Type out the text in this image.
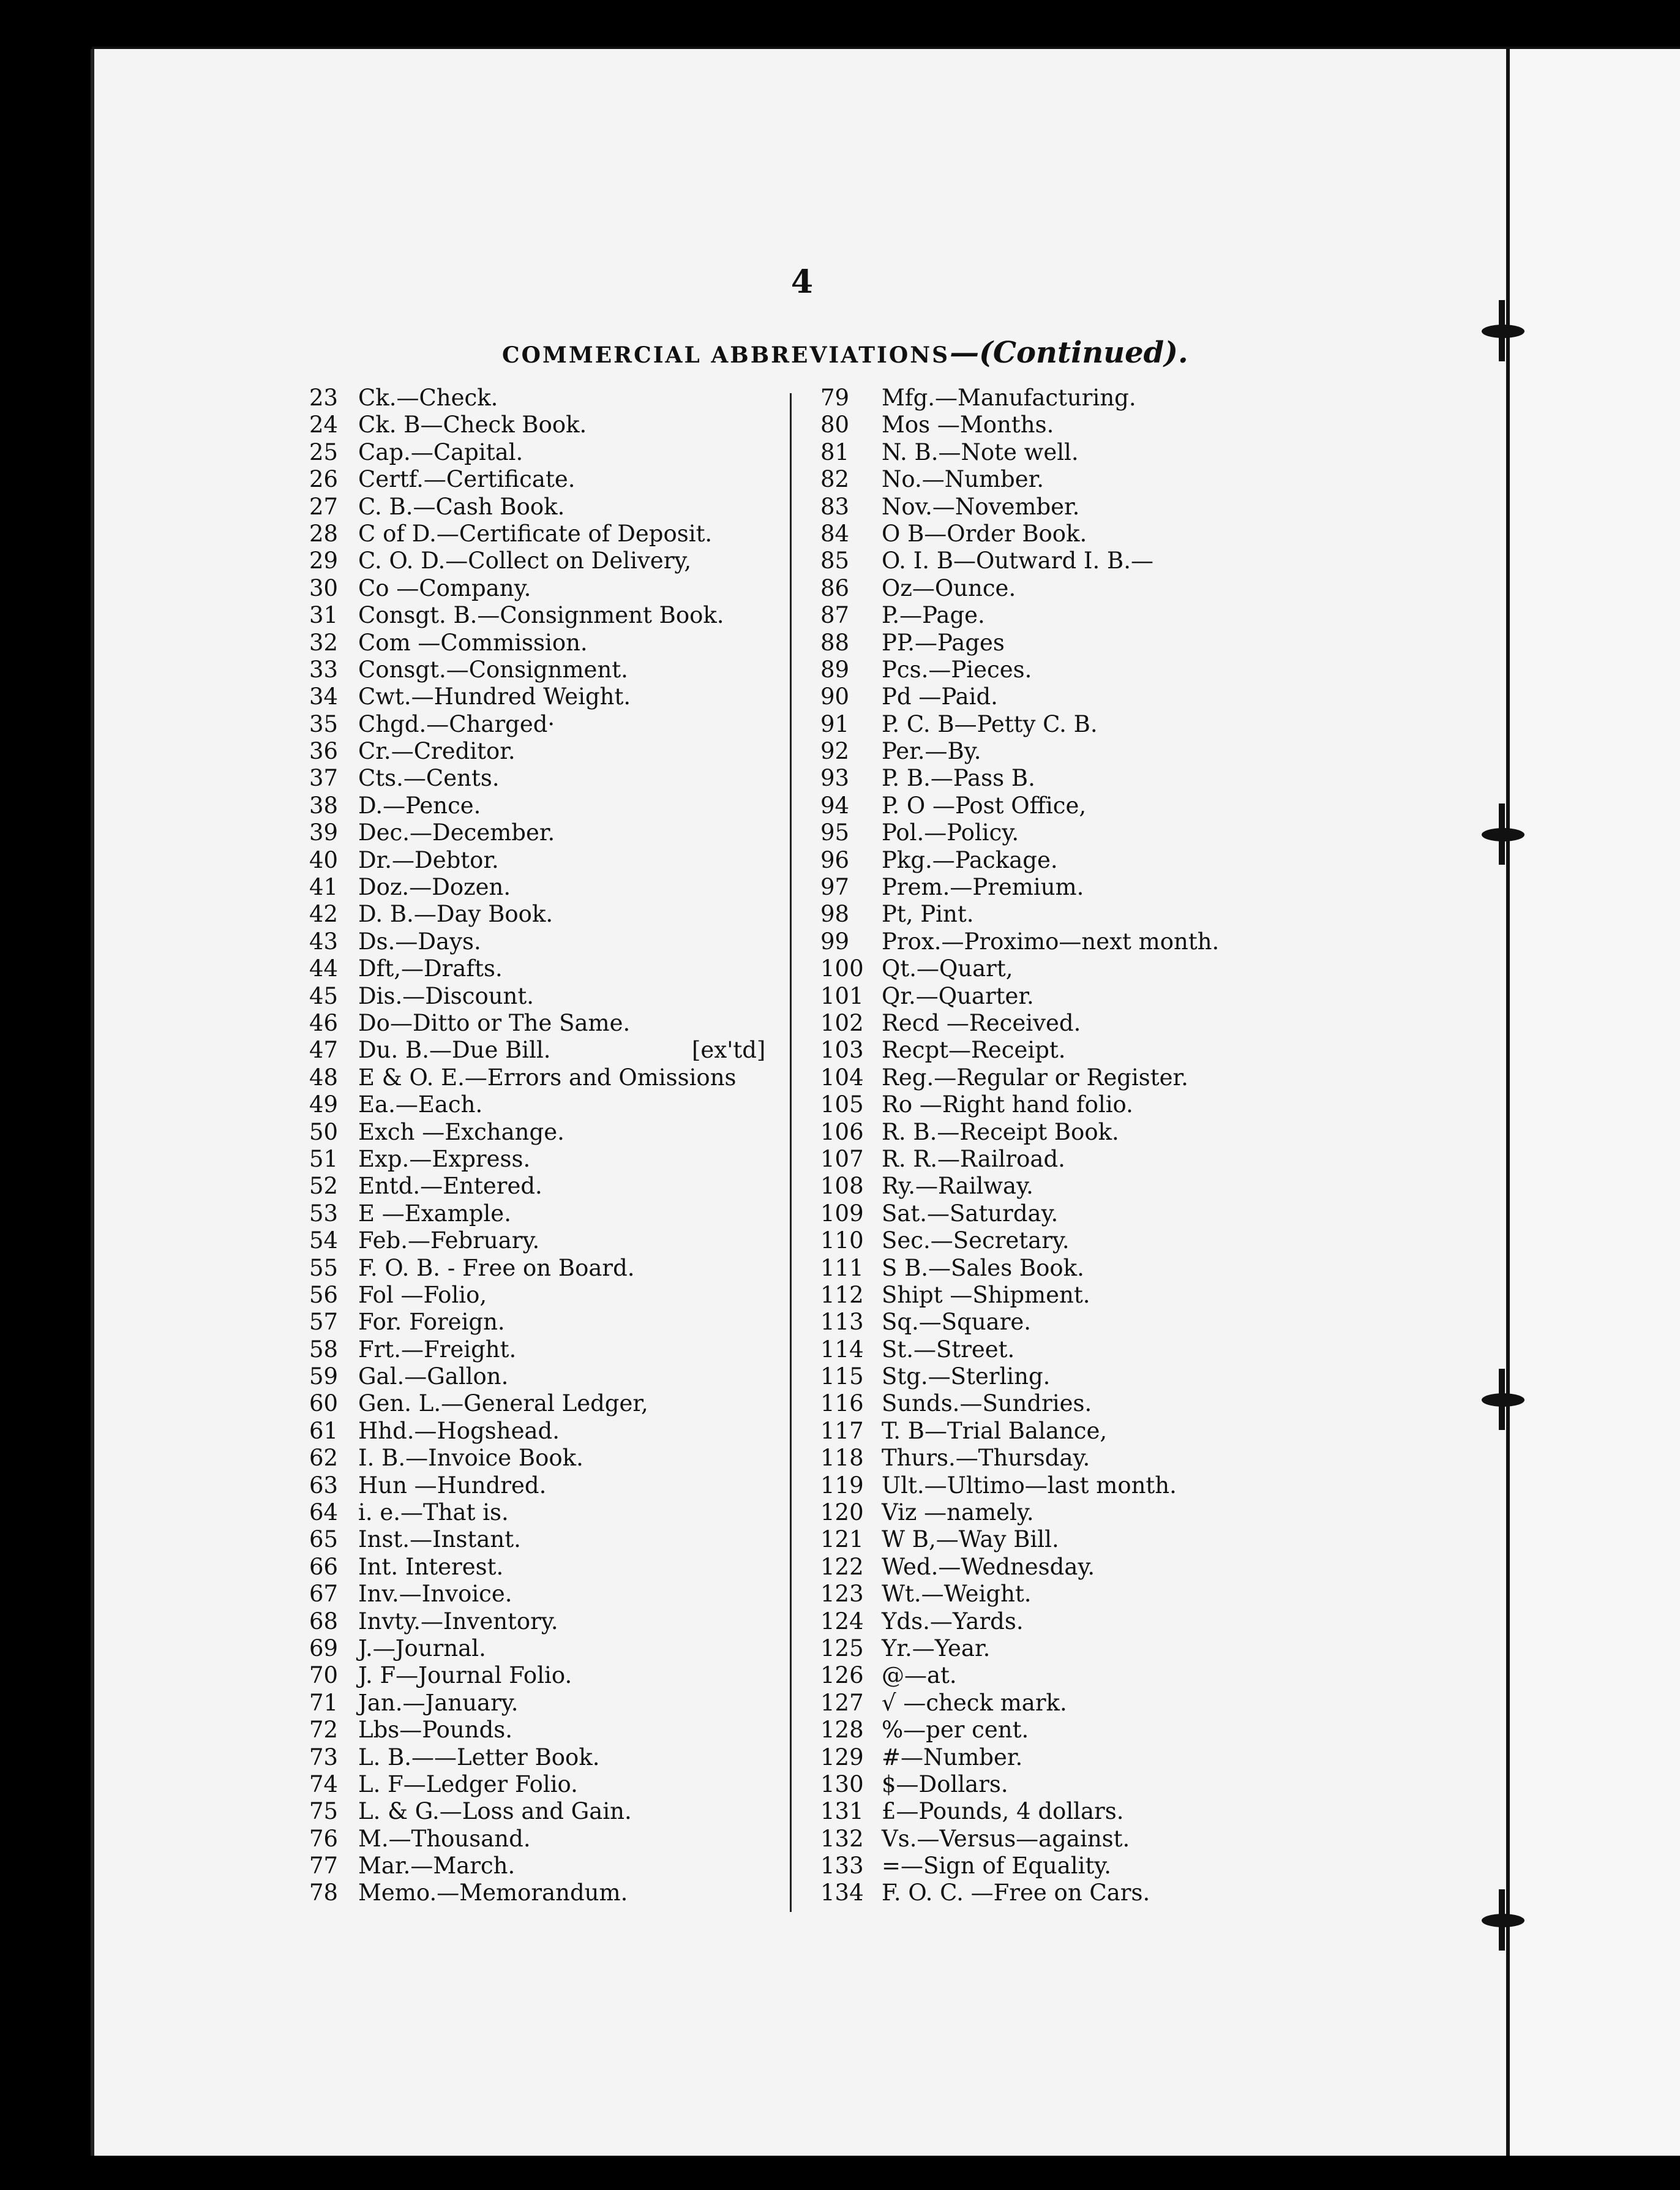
4
COMMERCIAL ABBREVIATIONS—(Continued).
23 Ck.—Check.
24 Ck. B—Check Book.
25 Cap.—Capital.
26 Certf.—Certificate.
27 C. B.—Cash Book.
28 C of D.—Certificate of Deposit.
29 C. O. D.—Collect on Delivery,
30 Co —Company.
31 Consgt. B.—Consignment Book.
32 Com —Commission.
33 Consgt.—Consignment.
34 Cwt.—Hundred Weight.
35 Chgd.—Charged·
36 Cr.—Creditor.
37 Cts.—Cents.
38 D.—Pence.
39 Dec.—December.
40 Dr.—Debtor.
41 Doz.—Dozen.
42 D. B.—Day Book.
43 Ds.—Days.
44 Dft,—Drafts.
45 Dis.—Discount.
46 Do—Ditto or The Same.
47 Du. B.—Due Bill.	[ex'td]
48 E & O. E.—Errors and Omissions
49 Ea.—Each.
50 Exch —Exchange.
51 Exp.—Express.
52 Entd.—Entered.
53 E —Example.
54 Feb.—February.
55 F. O. B. - Free on Board.
56 Fol —Folio,
57 For. Foreign.
58 Frt.—Freight.
59 Gal.—Gallon.
60 Gen. L.—General Ledger,
61 Hhd.—Hogshead.
62 I. B.—Invoice Book.
63 Hun —Hundred.
64 i. e.—That is.
65 Inst.—Instant.
66 Int. Interest.
67 Inv.—Invoice.
68 Invty.—Inventory.
69 J.—Journal.
70 J. F—Journal Folio.
71 Jan.—January.
72 Lbs—Pounds.
73 L. B.——Letter Book.
74 L. F—Ledger Folio.
75 L. & G.—Loss and Gain.
76 M.—Thousand.
77 Mar.—March.
78 Memo.—Memorandum.
79 Mfg.—Manufacturing.
80 Mos —Months.
81 N. B.—Note well.
82 No.—Number.
83 Nov.—November.
84 O B—Order Book.
85 O. I. B—Outward I. B.—
86 Oz—Ounce.
87 P.—Page.
88 PP.—Pages
89 Pcs.—Pieces.
90 Pd —Paid.
91 P. C. B—Petty C. B.
92 Per.—By.
93 P. B.—Pass B.
94 P. O —Post Office,
95 Pol.—Policy.
96 Pkg.—Package.
97 Prem.—Premium.
98 Pt, Pint.
99 Prox.—Proximo—next month.
100 Qt.—Quart,
101 Qr.—Quarter.
102 Recd —Received.
103 Recpt—Receipt.
104 Reg.—Regular or Register.
105 Ro —Right hand folio.
106 R. B.—Receipt Book.
107 R. R.—Railroad.
108 Ry.—Railway.
109 Sat.—Saturday.
110 Sec.—Secretary.
111 S B.—Sales Book.
112 Shipt —Shipment.
113 Sq.—Square.
114 St.—Street.
115 Stg.—Sterling.
116 Sunds.—Sundries.
117 T. B—Trial Balance,
118 Thurs.—Thursday.
119 Ult.—Ultimo—last month.
120 Viz —namely.
121 W B,—Way Bill.
122 Wed.—Wednesday.
123 Wt.—Weight.
124 Yds.—Yards.
125 Yr.—Year.
126 @—at.
127 √ —check mark.
128 %—per cent.
129 #—Number.
130 $—Dollars.
131 £—Pounds, 4 dollars.
132 Vs.—Versus—against.
133 =—Sign of Equality.
134 F. O. C. —Free on Cars.
